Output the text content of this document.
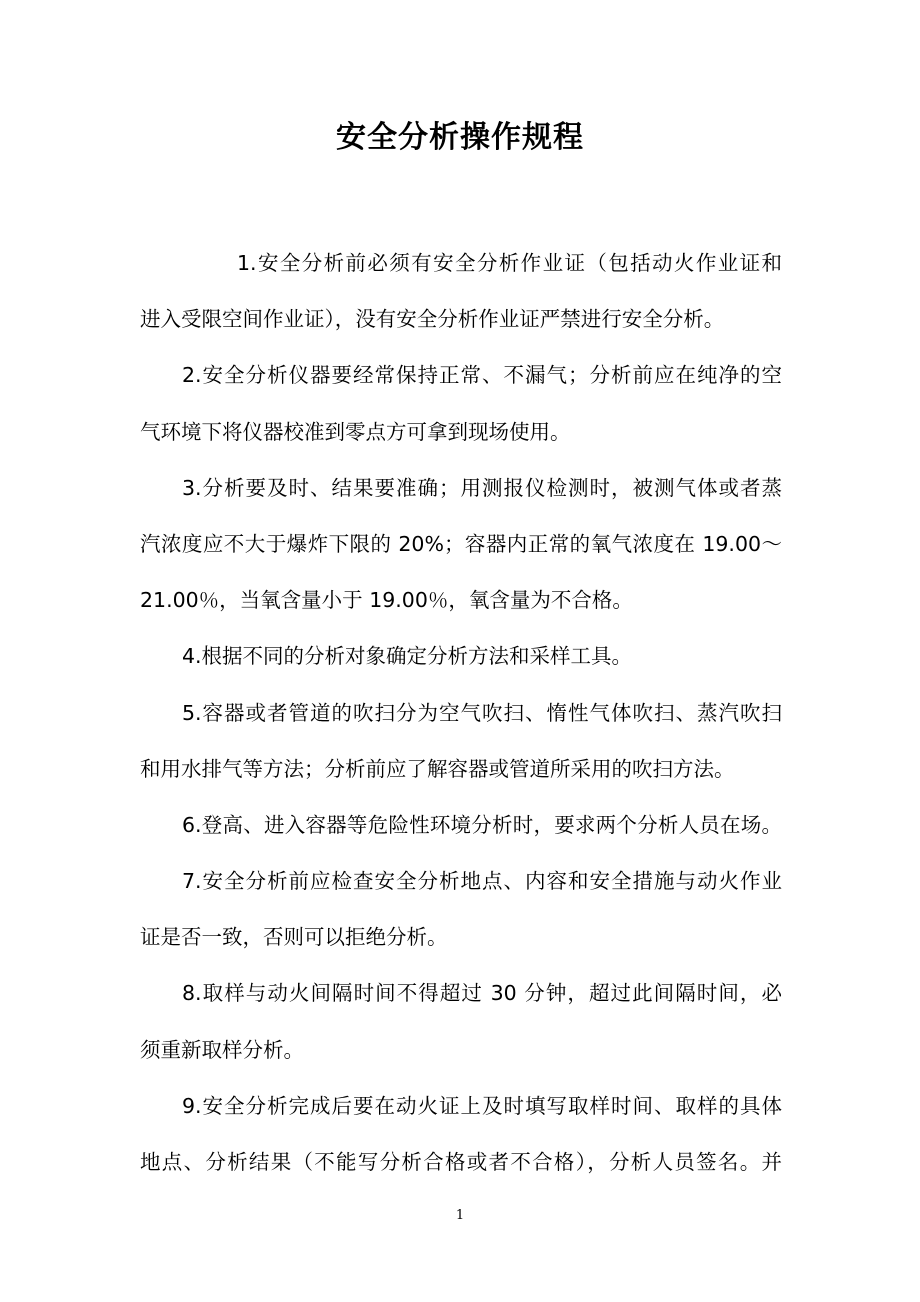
安全分析操作规程
1.安全分析前必须有安全分析作业证（包括动火作业证和
进入受限空间作业证），没有安全分析作业证严禁进行安全分析。
2.安全分析仪器要经常保持正常、不漏气；分析前应在纯净的空
气环境下将仪器校准到零点方可拿到现场使用。
3.分析要及时、结果要准确；用测报仪检测时，被测气体或者蒸
汽浓度应不大于爆炸下限的 20%；容器内正常的氧气浓度在 19.00～
21.00％，当氧含量小于 19.00％，氧含量为不合格。
4.根据不同的分析对象确定分析方法和采样工具。
5.容器或者管道的吹扫分为空气吹扫、惰性气体吹扫、蒸汽吹扫
和用水排气等方法；分析前应了解容器或管道所采用的吹扫方法。
6.登高、进入容器等危险性环境分析时，要求两个分析人员在场。
7.安全分析前应检查安全分析地点、内容和安全措施与动火作业
证是否一致，否则可以拒绝分析。
8.取样与动火间隔时间不得超过 30 分钟，超过此间隔时间，必
须重新取样分析。
9.安全分析完成后要在动火证上及时填写取样时间、取样的具体
地点、分析结果（不能写分析合格或者不合格），分析人员签名。并
1
